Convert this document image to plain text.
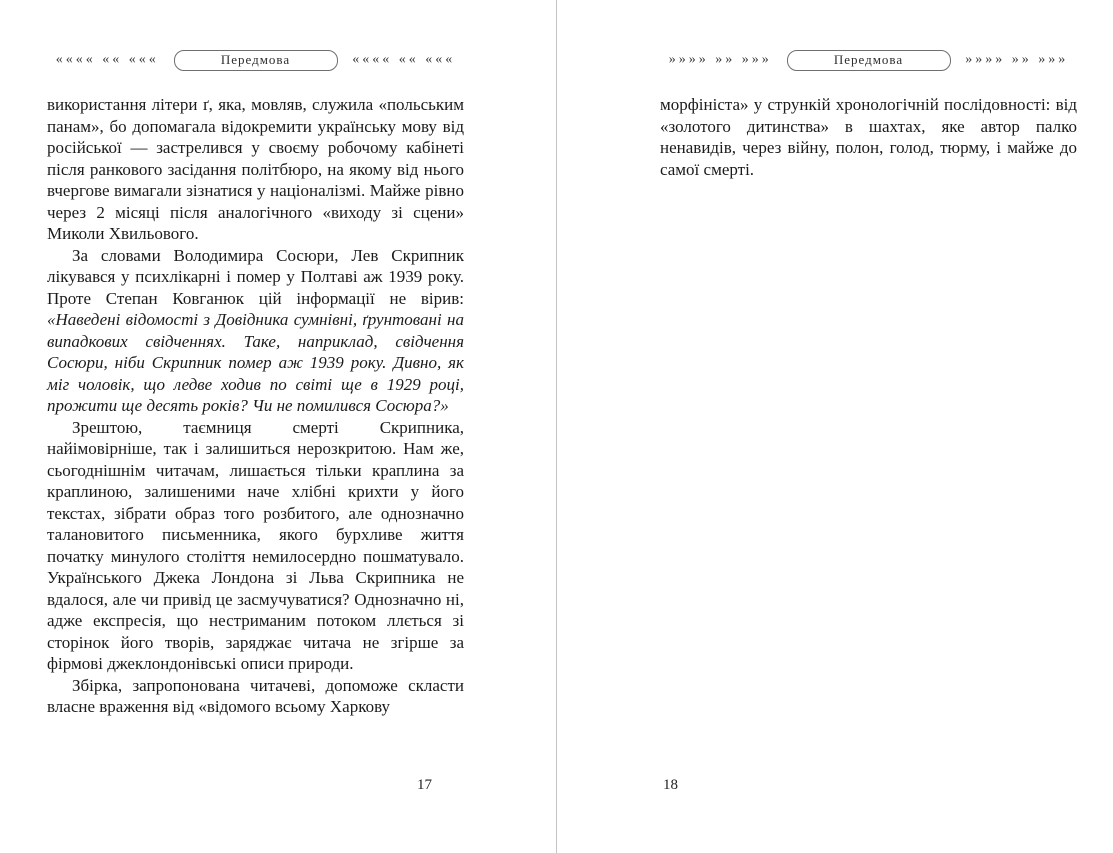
«««« «« «««	Передмова	«««« «« «««

використання літери ґ, яка, мовляв, служила «польським панам», бо допомагала відокремити українську мову від російської — застрелився у своєму робочому кабінеті після ранкового засідання політбюро, на якому від нього вчергове вимагали зізнатися у націоналізмі. Майже рівно через 2 місяці після аналогічного «виходу зі сцени» Миколи Хвильового.

За словами Володимира Сосюри, Лев Скрипник лікувався у психлікарні і помер у Полтаві аж 1939 року. Проте Степан Ковганюк цій інформації не вірив: «Наведені відомості з Довідника сумнівні, ґрунтовані на випадкових свідченнях. Таке, наприклад, свідчення Сосюри, ніби Скрипник помер аж 1939 року. Дивно, як міг чоловік, що ледве ходив по світі ще в 1929 році, прожити ще десять років? Чи не помилився Сосюра?»

Зрештою, таємниця смерті Скрипника, найімовірніше, так і залишиться нерозкритою. Нам же, сьогоднішнім читачам, лишається тільки краплина за краплиною, залишеними наче хлібні крихти у його текстах, зібрати образ того розбитого, але однозначно талановитого письменника, якого бурхливе життя початку минулого століття немилосердно пошматувало. Українського Джека Лондона зі Льва Скрипника не вдалося, але чи привід це засмучуватися? Однозначно ні, адже експресія, що нестриманим потоком ллється зі сторінок його творів, заряджає читача не згірше за фірмові джеклондонівські описи природи.

Збірка, запропонована читачеві, допоможе скласти власне враження від «відомого всьому Харкову

17
»»»» »» »»»	Передмова	»»»» »» »»»

морфініста» у стрункій хронологічній послідовності: від «золотого дитинства» в шахтах, яке автор палко ненавидів, через війну, полон, голод, тюрму, і майже до самої смерті.

18
